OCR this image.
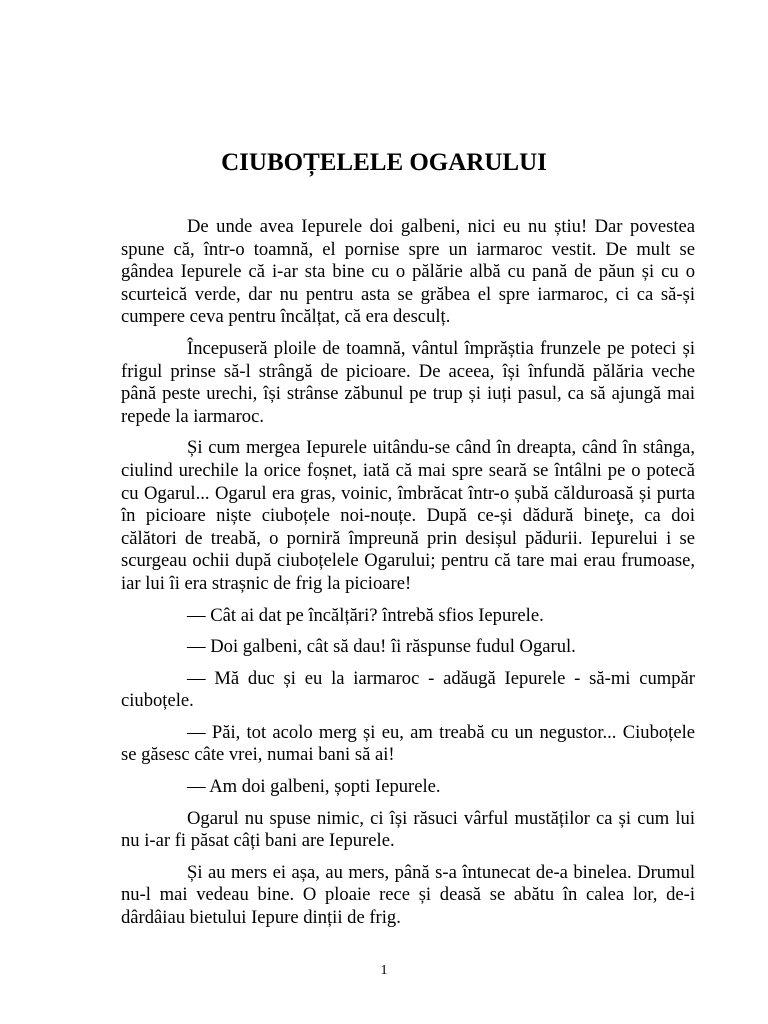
CIUBOȚELELE OGARULUI

De unde avea Iepurele doi galbeni, nici eu nu știu! Dar povestea spune că, într-o toamnă, el pornise spre un iarmaroc vestit. De mult se gândea Iepurele că i-ar sta bine cu o pălărie albă cu pană de păun și cu o scurteică verde, dar nu pentru asta se grăbea el spre iarmaroc, ci ca să-și cumpere ceva pentru încălțat, că era desculț.

Începuseră ploile de toamnă, vântul împrăștia frunzele pe poteci și frigul prinse să-l strângă de picioare. De aceea, își înfundă pălăria veche până peste urechi, își strânse zăbunul pe trup și iuți pasul, ca să ajungă mai repede la iarmaroc.

Și cum mergea Iepurele uitându-se când în dreapta, când în stânga, ciulind urechile la orice foșnet, iată că mai spre seară se întâlni pe o potecă cu Ogarul... Ogarul era gras, voinic, îmbrăcat într-o șubă călduroasă și purta în picioare niște ciuboțele noi-nouțe. După ce-și dădură bineţe, ca doi călători de treabă, o porniră împreună prin desișul pădurii. Iepurelui i se scurgeau ochii după ciuboțelele Ogarului; pentru că tare mai erau frumoase, iar lui îi era strașnic de frig la picioare!

— Cât ai dat pe încălțări? întrebă sfios Iepurele.

— Doi galbeni, cât să dau! îi răspunse fudul Ogarul.

— Mă duc și eu la iarmaroc - adăugă Iepurele - să-mi cumpăr ciuboțele.

— Păi, tot acolo merg și eu, am treabă cu un negustor... Ciuboțele se găsesc câte vrei, numai bani să ai!

— Am doi galbeni, șopti Iepurele.

Ogarul nu spuse nimic, ci își răsuci vârful mustăților ca și cum lui nu i-ar fi păsat câți bani are Iepurele.

Și au mers ei așa, au mers, până s-a întunecat de-a binelea. Drumul nu-l mai vedeau bine. O ploaie rece și deasă se abătu în calea lor, de-i dârdâiau bietului Iepure dinții de frig.

1
